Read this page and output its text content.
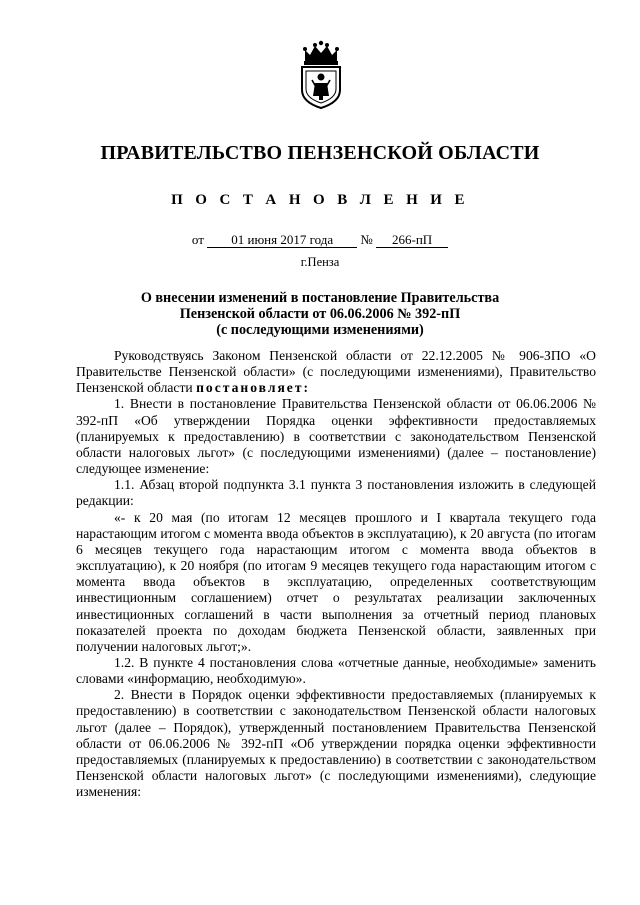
ПРАВИТЕЛЬСТВО ПЕНЗЕНСКОЙ ОБЛАСТИ
П О С Т А Н О В Л Е Н И Е
от 01 июня 2017 года № 266-пП
г.Пенза
О внесении изменений в постановление Правительства
Пензенской области от 06.06.2006 № 392-пП
(с последующими изменениями)

Руководствуясь Законом Пензенской области от 22.12.2005 № 906-ЗПО «О Правительстве Пензенской области» (с последующими изменениями), Правительство Пензенской области постановляет:

1. Внести в постановление Правительства Пензенской области от 06.06.2006 № 392-пП «Об утверждении Порядка оценки эффективности предоставляемых (планируемых к предоставлению) в соответствии с законодательством Пензенской области налоговых льгот» (с последующими изменениями) (далее – постановление) следующее изменение:

1.1. Абзац второй подпункта 3.1 пункта 3 постановления изложить в следующей редакции:

«- к 20 мая (по итогам 12 месяцев прошлого и I квартала текущего года нарастающим итогом с момента ввода объектов в эксплуатацию), к 20 августа (по итогам 6 месяцев текущего года нарастающим итогом с момента ввода объектов в эксплуатацию), к 20 ноября (по итогам 9 месяцев текущего года нарастающим итогом с момента ввода объектов в эксплуатацию, определенных соответствующим инвестиционным соглашением) отчет о результатах реализации заключенных инвестиционных соглашений в части выполнения за отчетный период плановых показателей проекта по доходам бюджета Пензенской области, заявленных при получении налоговых льгот;».

1.2. В пункте 4 постановления слова «отчетные данные, необходимые» заменить словами «информацию, необходимую».

2. Внести в Порядок оценки эффективности предоставляемых (планируемых к предоставлению) в соответствии с законодательством Пензенской области налоговых льгот (далее – Порядок), утвержденный постановлением Правительства Пензенской области от 06.06.2006 № 392-пП «Об утверждении порядка оценки эффективности предоставляемых (планируемых к предоставлению) в соответствии с законодательством Пензенской области налоговых льгот» (с последующими изменениями), следующие изменения:
